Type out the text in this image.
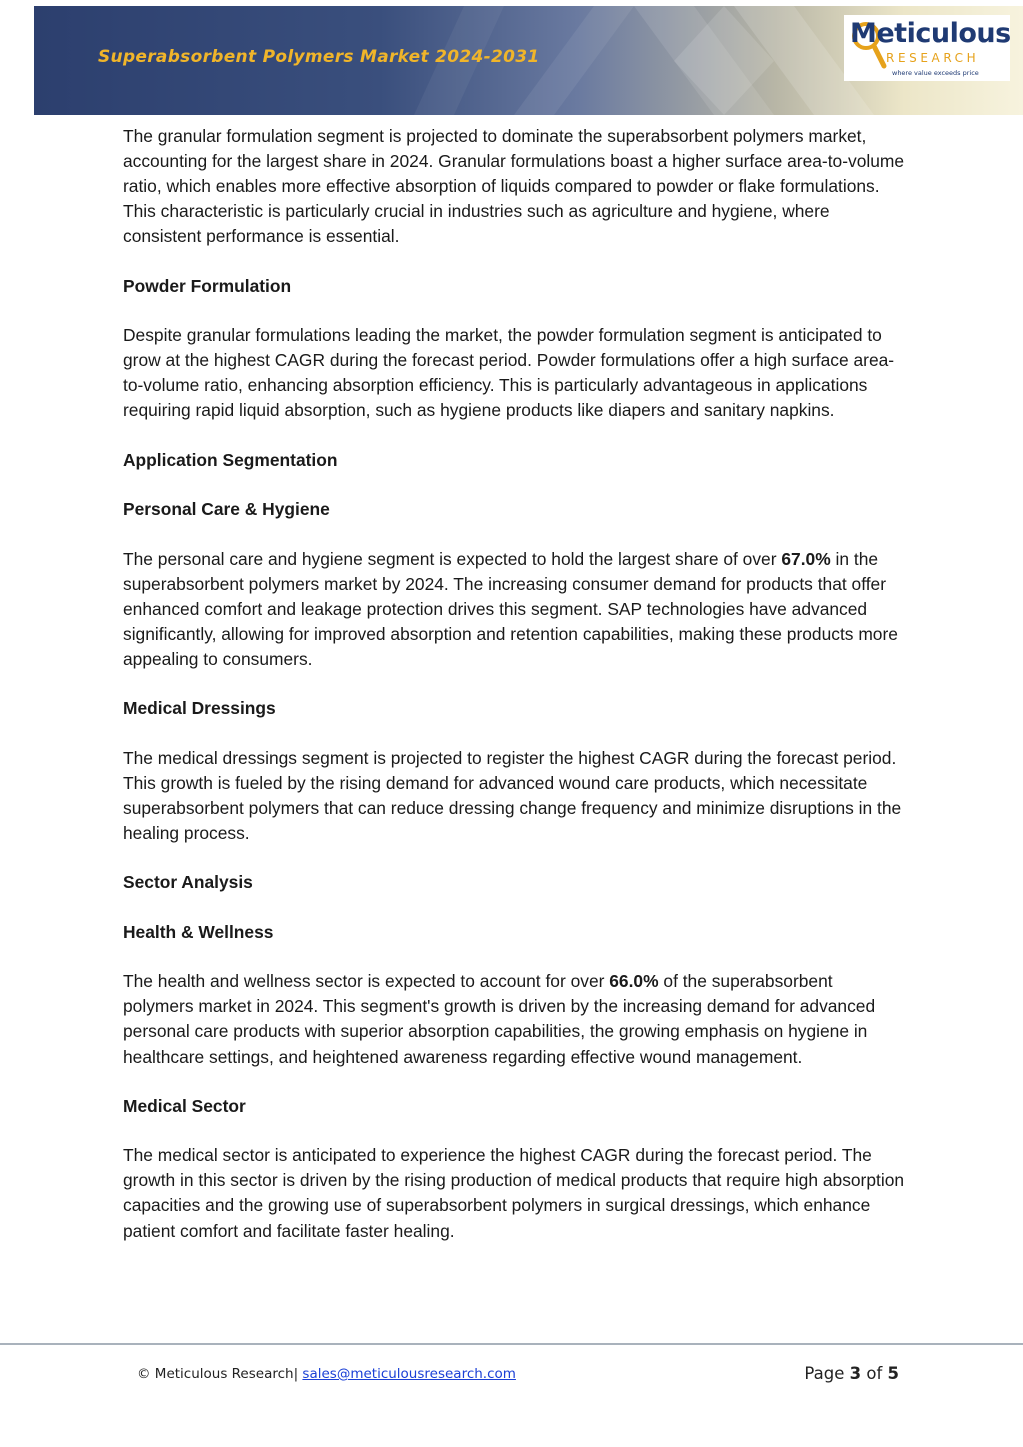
Superabsorbent Polymers Market 2024-2031
Meticulous
RESEARCH
where value exceeds price

The granular formulation segment is projected to dominate the superabsorbent polymers market, accounting for the largest share in 2024. Granular formulations boast a higher surface area-to-volume ratio, which enables more effective absorption of liquids compared to powder or flake formulations. This characteristic is particularly crucial in industries such as agriculture and hygiene, where consistent performance is essential.

Powder Formulation

Despite granular formulations leading the market, the powder formulation segment is anticipated to grow at the highest CAGR during the forecast period. Powder formulations offer a high surface area-to-volume ratio, enhancing absorption efficiency. This is particularly advantageous in applications requiring rapid liquid absorption, such as hygiene products like diapers and sanitary napkins.

Application Segmentation
Personal Care & Hygiene

The personal care and hygiene segment is expected to hold the largest share of over 67.0% in the superabsorbent polymers market by 2024. The increasing consumer demand for products that offer enhanced comfort and leakage protection drives this segment. SAP technologies have advanced significantly, allowing for improved absorption and retention capabilities, making these products more appealing to consumers.

Medical Dressings

The medical dressings segment is projected to register the highest CAGR during the forecast period. This growth is fueled by the rising demand for advanced wound care products, which necessitate superabsorbent polymers that can reduce dressing change frequency and minimize disruptions in the healing process.

Sector Analysis
Health & Wellness

The health and wellness sector is expected to account for over 66.0% of the superabsorbent polymers market in 2024. This segment's growth is driven by the increasing demand for advanced personal care products with superior absorption capabilities, the growing emphasis on hygiene in healthcare settings, and heightened awareness regarding effective wound management.

Medical Sector

The medical sector is anticipated to experience the highest CAGR during the forecast period. The growth in this sector is driven by the rising production of medical products that require high absorption capacities and the growing use of superabsorbent polymers in surgical dressings, which enhance patient comfort and facilitate faster healing.

© Meticulous Research| sales@meticulousresearch.com	Page 3 of 5
